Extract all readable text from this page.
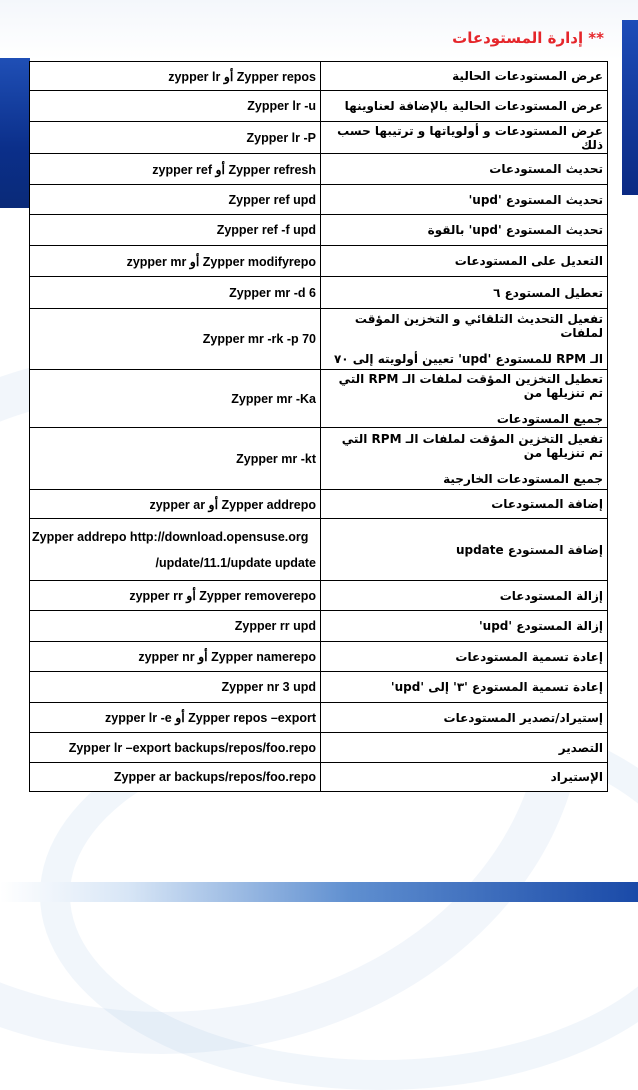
** إدارة المستودعات
zypper lr أو Zypper repos	عرض المستودعات الحالية
Zypper lr -u	عرض المستودعات الحالية بالإضافة لعناوينها
Zypper lr -P	عرض المستودعات و أولوياتها و ترتيبها حسب ذلك
zypper ref أو Zypper refresh	تحديث المستودعات
Zypper ref upd	تحديث المستودع 'upd'
Zypper ref -f upd	تحديث المستودع 'upd' بالقوة
zypper mr أو Zypper modifyrepo	التعديل على المستودعات
Zypper mr -d 6	تعطيل المستودع ٦
Zypper mr -rk -p 70	تفعيل التحديث التلقائي و التخزين المؤقت لملفات
الـ RPM للمستودع 'upd' تعيين أولويته إلى ٧٠

Zypper mr -Ka	تعطيل التخزين المؤقت لملفات الـ RPM التي تم تنزيلها من
جميع المستودعات

Zypper mr -kt	تفعيل التخزين المؤقت لملفات الـ RPM التي تم تنزيلها من
جميع المستودعات الخارجية

zypper ar أو Zypper addrepo	إضافة المستودعات
Zypper addrepo http://download.opensuse.org
/update/11.1/update update	إضافة المستودع update
zypper rr أو Zypper removerepo	إزالة المستودعات
Zypper rr upd	إزالة المستودع 'upd'
zypper nr أو Zypper namerepo	إعادة تسمية المستودعات
Zypper nr 3 upd	إعادة تسمية المستودع '٣' إلى 'upd'
zypper lr -e أو Zypper repos –export	إستيراد/تصدير المستودعات
Zypper lr –export backups/repos/foo.repo	التصدير
Zypper ar backups/repos/foo.repo	الإستيراد
